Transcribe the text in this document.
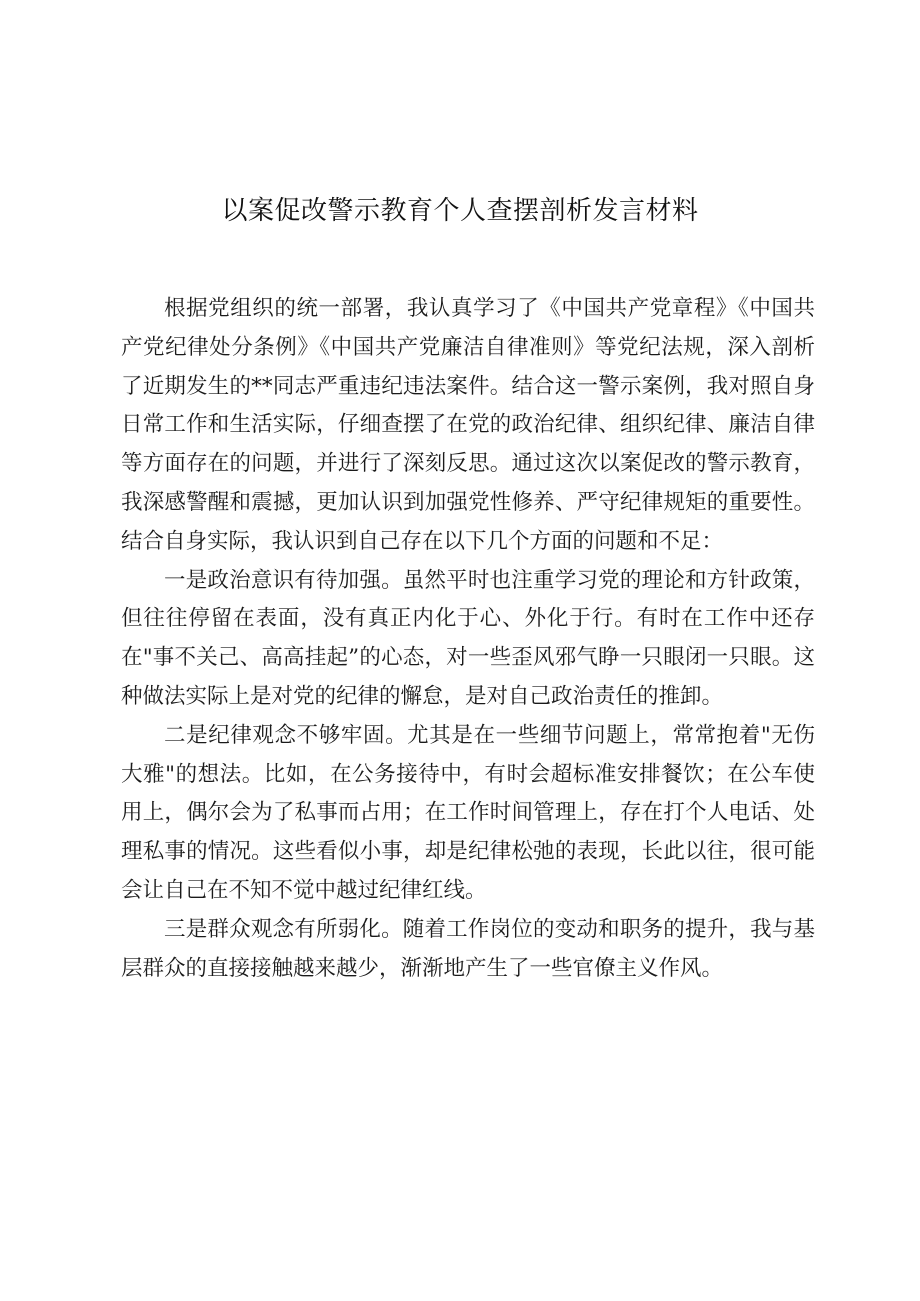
以案促改警示教育个人查摆剖析发言材料

根据党组织的统一部署，我认真学习了《中国共产党章程》《中国共产党纪律处分条例》《中国共产党廉洁自律准则》等党纪法规，深入剖析了近期发生的**同志严重违纪违法案件。结合这一警示案例，我对照自身日常工作和生活实际，仔细查摆了在党的政治纪律、组织纪律、廉洁自律等方面存在的问题，并进行了深刻反思。通过这次以案促改的警示教育，我深感警醒和震撼，更加认识到加强党性修养、严守纪律规矩的重要性。结合自身实际，我认识到自己存在以下几个方面的问题和不足：

一是政治意识有待加强。虽然平时也注重学习党的理论和方针政策，但往往停留在表面，没有真正内化于心、外化于行。有时在工作中还存在"事不关己、高高挂起”的心态，对一些歪风邪气睁一只眼闭一只眼。这种做法实际上是对党的纪律的懈怠，是对自己政治责任的推卸。

二是纪律观念不够牢固。尤其是在一些细节问题上，常常抱着"无伤大雅"的想法。比如，在公务接待中，有时会超标准安排餐饮；在公车使用上，偶尔会为了私事而占用；在工作时间管理上，存在打个人电话、处理私事的情况。这些看似小事，却是纪律松弛的表现，长此以往，很可能会让自己在不知不觉中越过纪律红线。

三是群众观念有所弱化。随着工作岗位的变动和职务的提升，我与基层群众的直接接触越来越少，渐渐地产生了一些官僚主义作风。
